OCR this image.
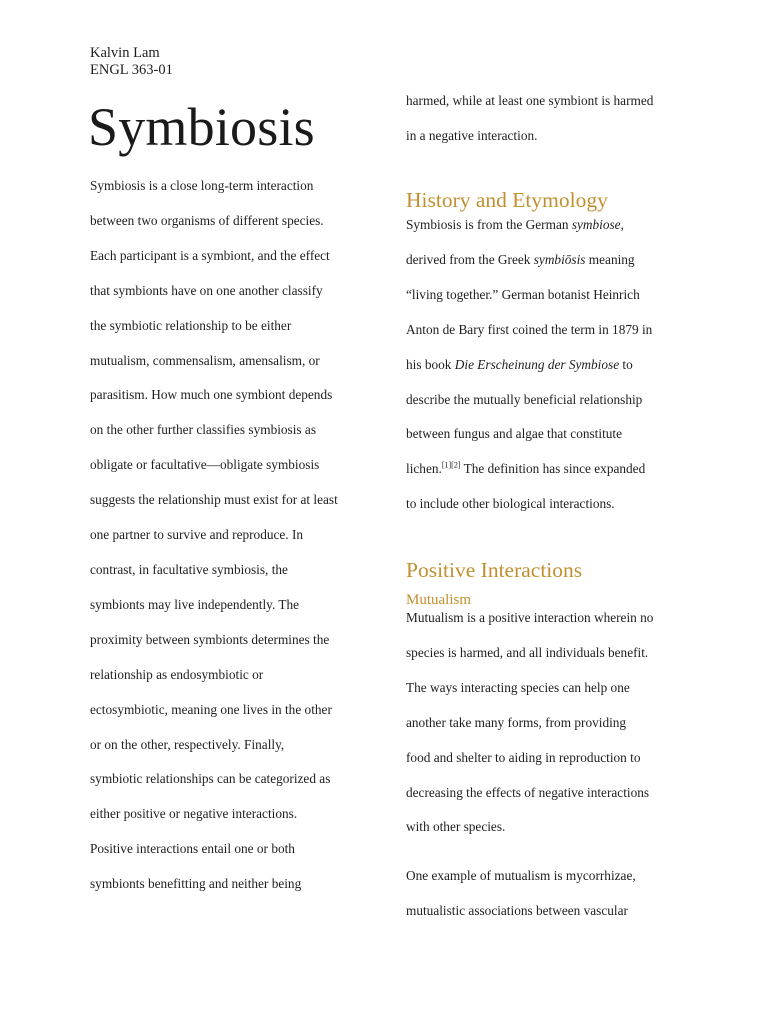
Kalvin Lam
ENGL 363-01
Symbiosis

Symbiosis is a close long-term interaction
between two organisms of different species.
Each participant is a symbiont, and the effect
that symbionts have on one another classify
the symbiotic relationship to be either
mutualism, commensalism, amensalism, or
parasitism. How much one symbiont depends
on the other further classifies symbiosis as
obligate or facultative—obligate symbiosis
suggests the relationship must exist for at least
one partner to survive and reproduce. In
contrast, in facultative symbiosis, the
symbionts may live independently. The
proximity between symbionts determines the
relationship as endosymbiotic or
ectosymbiotic, meaning one lives in the other
or on the other, respectively. Finally,
symbiotic relationships can be categorized as
either positive or negative interactions.
Positive interactions entail one or both
symbionts benefitting and neither being

harmed, while at least one symbiont is harmed
in a negative interaction.

History and Etymology

Symbiosis is from the German symbiose,
derived from the Greek symbiōsis meaning
“living together.” German botanist Heinrich
Anton de Bary first coined the term in 1879 in
his book Die Erscheinung der Symbiose to
describe the mutually beneficial relationship
between fungus and algae that constitute
lichen.[1][2] The definition has since expanded
to include other biological interactions.

Positive Interactions
Mutualism

Mutualism is a positive interaction wherein no
species is harmed, and all individuals benefit.
The ways interacting species can help one
another take many forms, from providing
food and shelter to aiding in reproduction to
decreasing the effects of negative interactions
with other species.

One example of mutualism is mycorrhizae,
mutualistic associations between vascular
